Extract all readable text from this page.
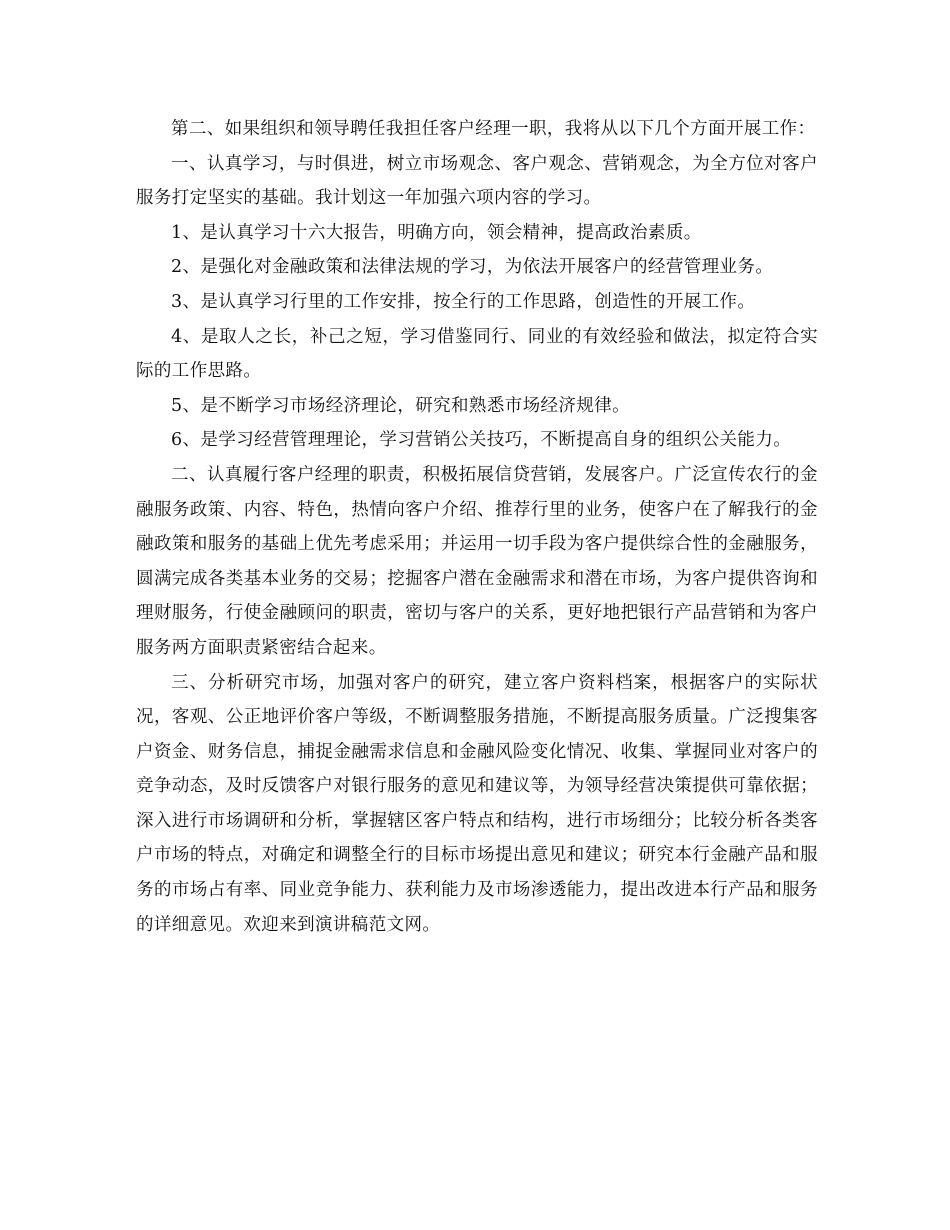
第二、如果组织和领导聘任我担任客户经理一职，我将从以下几个方面开展工作：

一、认真学习，与时俱进，树立市场观念、客户观念、营销观念，为全方位对客户服务打定坚实的基础。我计划这一年加强六项内容的学习。

1、是认真学习十六大报告，明确方向，领会精神，提高政治素质。

2、是强化对金融政策和法律法规的学习，为依法开展客户的经营管理业务。

3、是认真学习行里的工作安排，按全行的工作思路，创造性的开展工作。

4、是取人之长，补己之短，学习借鉴同行、同业的有效经验和做法，拟定符合实际的工作思路。

5、是不断学习市场经济理论，研究和熟悉市场经济规律。

6、是学习经营管理理论，学习营销公关技巧，不断提高自身的组织公关能力。

二、认真履行客户经理的职责，积极拓展信贷营销，发展客户。广泛宣传农行的金融服务政策、内容、特色，热情向客户介绍、推荐行里的业务，使客户在了解我行的金融政策和服务的基础上优先考虑采用；并运用一切手段为客户提供综合性的金融服务，圆满完成各类基本业务的交易；挖掘客户潜在金融需求和潜在市场，为客户提供咨询和理财服务，行使金融顾问的职责，密切与客户的关系，更好地把银行产品营销和为客户服务两方面职责紧密结合起来。

三、分析研究市场，加强对客户的研究，建立客户资料档案，根据客户的实际状况，客观、公正地评价客户等级，不断调整服务措施，不断提高服务质量。广泛搜集客户资金、财务信息，捕捉金融需求信息和金融风险变化情况、收集、掌握同业对客户的竞争动态，及时反馈客户对银行服务的意见和建议等，为领导经营决策提供可靠依据；深入进行市场调研和分析，掌握辖区客户特点和结构，进行市场细分；比较分析各类客户市场的特点，对确定和调整全行的目标市场提出意见和建议；研究本行金融产品和服务的市场占有率、同业竞争能力、获利能力及市场渗透能力，提出改进本行产品和服务的详细意见。欢迎来到演讲稿范文网。
